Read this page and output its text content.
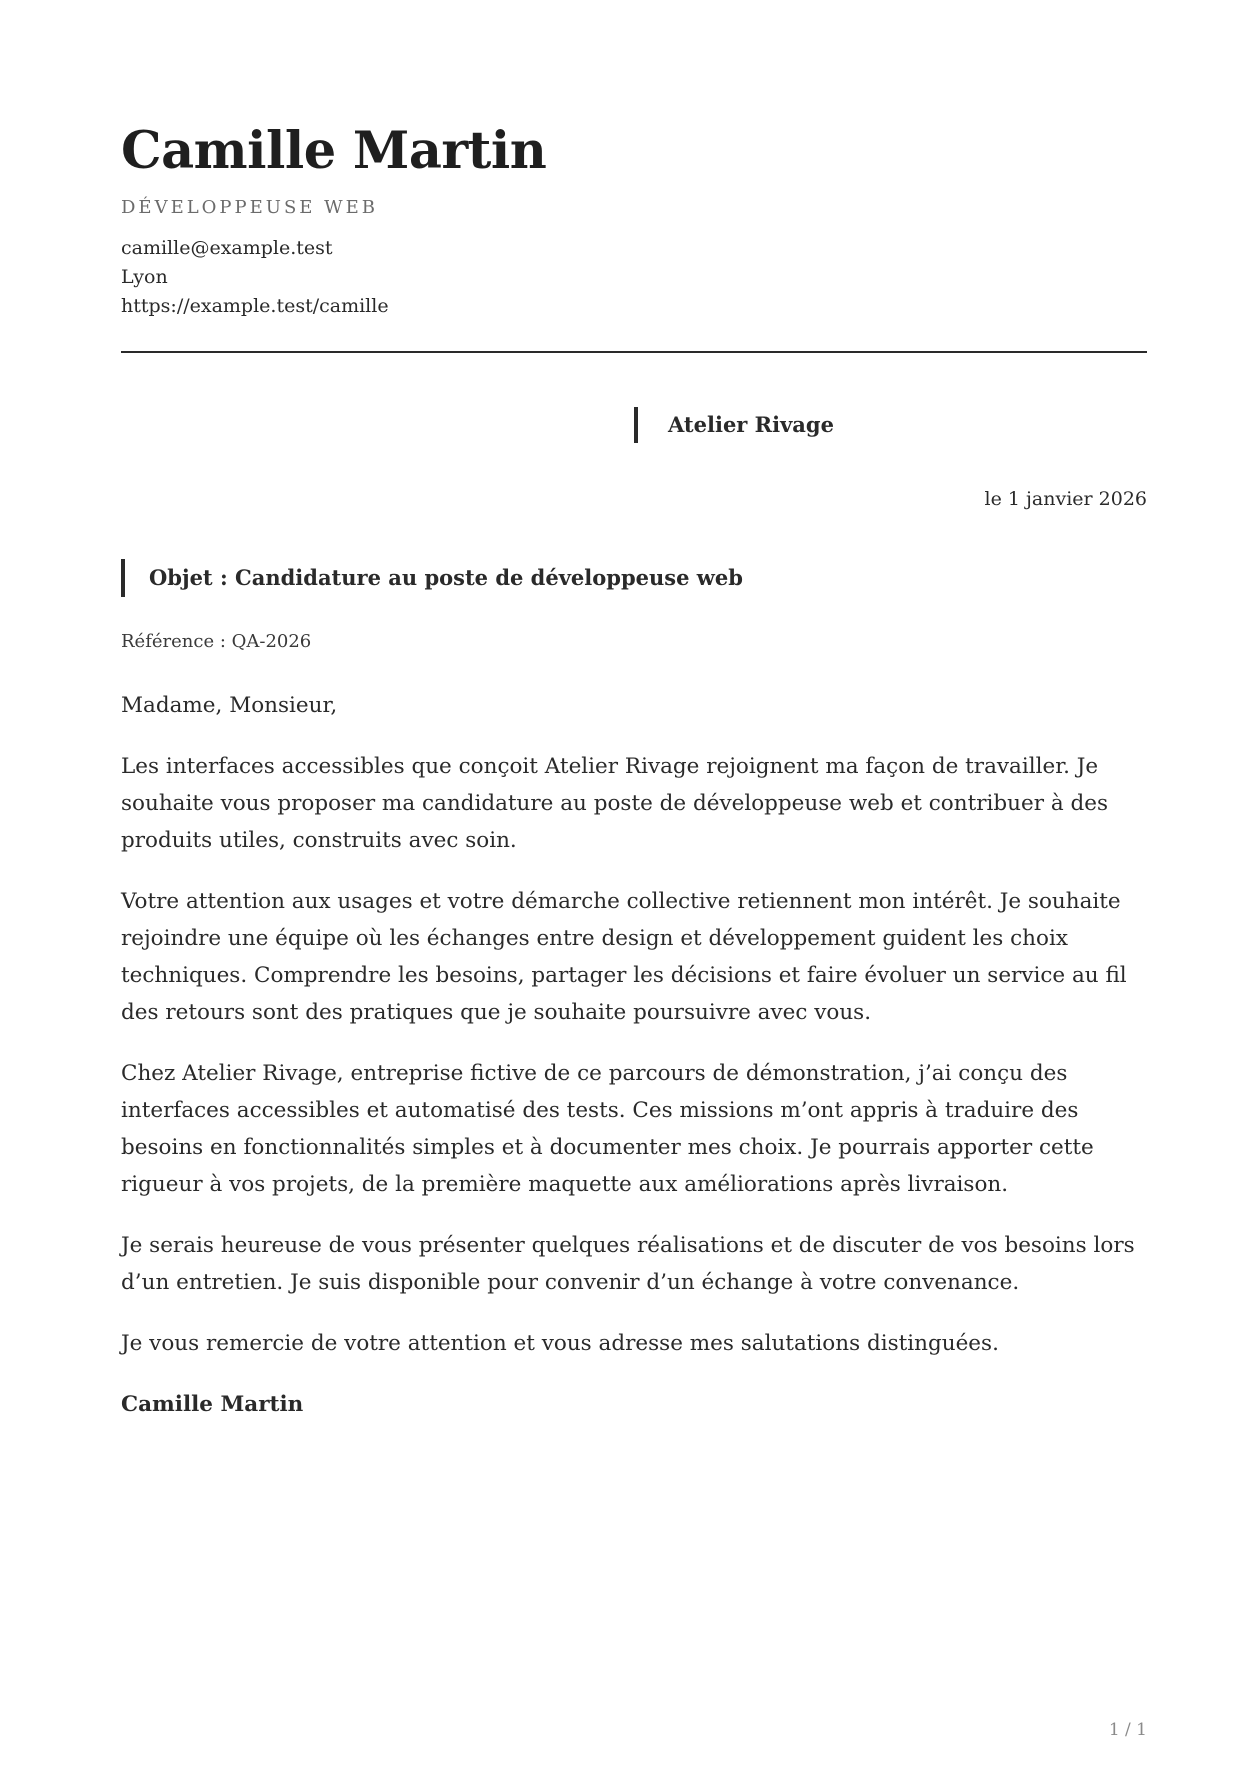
Camille Martin
DÉVELOPPEUSE WEB
camille@example.test
Lyon
https://example.test/camille
Atelier Rivage
le 1 janvier 2026
Objet : Candidature au poste de développeuse web
Référence : QA-2026

Madame, Monsieur,

Les interfaces accessibles que conçoit Atelier Rivage rejoignent ma façon de travailler. Je souhaite vous proposer ma candidature au poste de développeuse web et contribuer à des produits utiles, construits avec soin.

Votre attention aux usages et votre démarche collective retiennent mon intérêt. Je souhaite rejoindre une équipe où les échanges entre design et développement guident les choix techniques. Comprendre les besoins, partager les décisions et faire évoluer un service au fil des retours sont des pratiques que je souhaite poursuivre avec vous.

Chez Atelier Rivage, entreprise fictive de ce parcours de démonstration, j’ai conçu des interfaces accessibles et automatisé des tests. Ces missions m’ont appris à traduire des besoins en fonctionnalités simples et à documenter mes choix. Je pourrais apporter cette rigueur à vos projets, de la première maquette aux améliorations après livraison.

Je serais heureuse de vous présenter quelques réalisations et de discuter de vos besoins lors d’un entretien. Je suis disponible pour convenir d’un échange à votre convenance.

Je vous remercie de votre attention et vous adresse mes salutations distinguées.

Camille Martin

1 / 1
